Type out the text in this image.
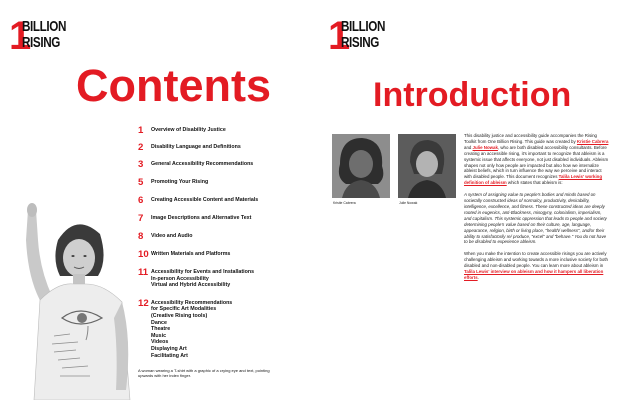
1
BILLION
RISING
Contents
1	Overview of Disability Justice
2	Disability Language and Definitions
3	General Accessibility Recommendations
5	Promoting Your Rising
6	Creating Accessible Content and Materials
7	Image Descriptions and Alternative Text
8	Video and Audio
10 Written Materials and Platforms
11 Accessibility for Events and Installations
In-person Accessibility
Virtual and Hybrid Accessibility
12 Accessibility Recommendations
for Specific Art Modalities
(Creative Rising tools)
Dance
Theatre
Music
Videos
Displaying Art
Facilitating Art
A woman wearing a T-shirt with a graphic of a crying eye and text, pointing upwards with her index finger.
1
BILLION
RISING
Introduction
Kristie Cabrera	Julie Nowak

This disability justice and accessibility guide accompanies the Rising Toolkit from One Billion Rising. This guide was created by Kristie Cabrera and Julie Nowak, who are both disabled accessibility consultants. Before creating an accessible rising, it's important to recognize that ableism is a systemic issue that affects everyone, not just disabled individuals. Ableism shapes not only how people are impacted but also how we internalize ableist beliefs, which in turn influence the way we perceive and interact with disabled people. This document recognizes Talila Lewis' working definition of ableism which states that ableism is:

A system of assigning value to people's bodies and minds based on societally constructed ideas of normalcy, productivity, desirability, intelligence, excellence, and fitness. These constructed ideas are deeply rooted in eugenics, anti-Blackness, misogyny, colonialism, imperialism, and capitalism. This systemic oppression that leads to people and society determining people's value based on their culture, age, language, appearance, religion, birth or living place, "health/ wellness", and/or their ability to satisfactorily re/ produce, "excel" and "behave." You do not have to be disabled to experience ableism.

When you make the intention to create accessible risings you are actively challenging ableism and working towards a more inclusive society for both disabled and non-disabled people. You can learn more about ableism in Talila Lewis' interview on ableism and how it hampers all liberation efforts.
